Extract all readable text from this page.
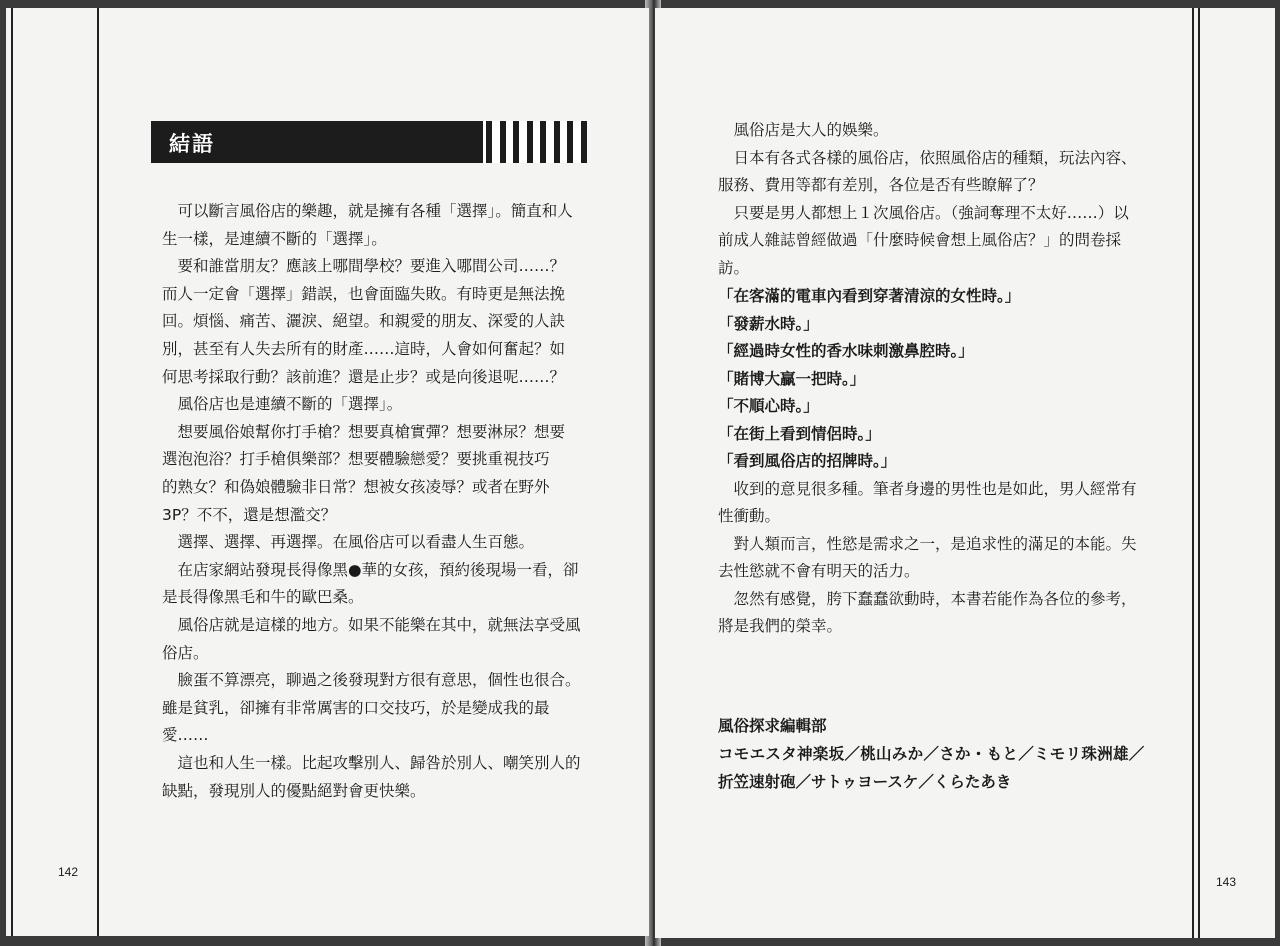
結語
　可以斷言風俗店的樂趣，就是擁有各種「選擇」。簡直和人
生一樣，是連續不斷的「選擇」。
　要和誰當朋友？應該上哪間學校？要進入哪間公司……？
而人一定會「選擇」錯誤，也會面臨失敗。有時更是無法挽
回。煩惱、痛苦、灑淚、絕望。和親愛的朋友、深愛的人訣
別，甚至有人失去所有的財產……這時，人會如何奮起？如
何思考採取行動？該前進？還是止步？或是向後退呢……？
　風俗店也是連續不斷的「選擇」。
　想要風俗娘幫你打手槍？想要真槍實彈？想要淋尿？想要
選泡泡浴？打手槍俱樂部？想要體驗戀愛？要挑重視技巧
的熟女？和偽娘體驗非日常？想被女孩凌辱？或者在野外
3P？不不，還是想濫交？
　選擇、選擇、再選擇。在風俗店可以看盡人生百態。
　在店家網站發現長得像黑●華的女孩，預約後現場一看，卻
是長得像黑毛和牛的歐巴桑。
　風俗店就是這樣的地方。如果不能樂在其中，就無法享受風
俗店。
　臉蛋不算漂亮，聊過之後發現對方很有意思，個性也很合。
雖是貧乳，卻擁有非常厲害的口交技巧，於是變成我的最
愛……
　這也和人生一樣。比起攻擊別人、歸咎於別人、嘲笑別人的
缺點，發現別人的優點絕對會更快樂。
142
　風俗店是大人的娛樂。
　日本有各式各樣的風俗店，依照風俗店的種類，玩法內容、
服務、費用等都有差別，各位是否有些瞭解了？
　只要是男人都想上１次風俗店。（強詞奪理不太好……）以
前成人雜誌曾經做過「什麼時候會想上風俗店？」的問卷採
訪。
「在客滿的電車內看到穿著清涼的女性時。」
「發薪水時。」
「經過時女性的香水味刺激鼻腔時。」
「賭博大贏一把時。」
「不順心時。」
「在街上看到情侶時。」
「看到風俗店的招牌時。」
　收到的意見很多種。筆者身邊的男性也是如此，男人經常有
性衝動。
　對人類而言，性慾是需求之一，是追求性的滿足的本能。失
去性慾就不會有明天的活力。
　忽然有感覺，胯下蠢蠢欲動時，本書若能作為各位的參考，
將是我們的榮幸。
風俗探求編輯部
コモエスタ神楽坂／桃山みか／さか・もと／ミモリ珠洲雄／
折笠速射砲／サトゥヨースケ／くらたあき
143
